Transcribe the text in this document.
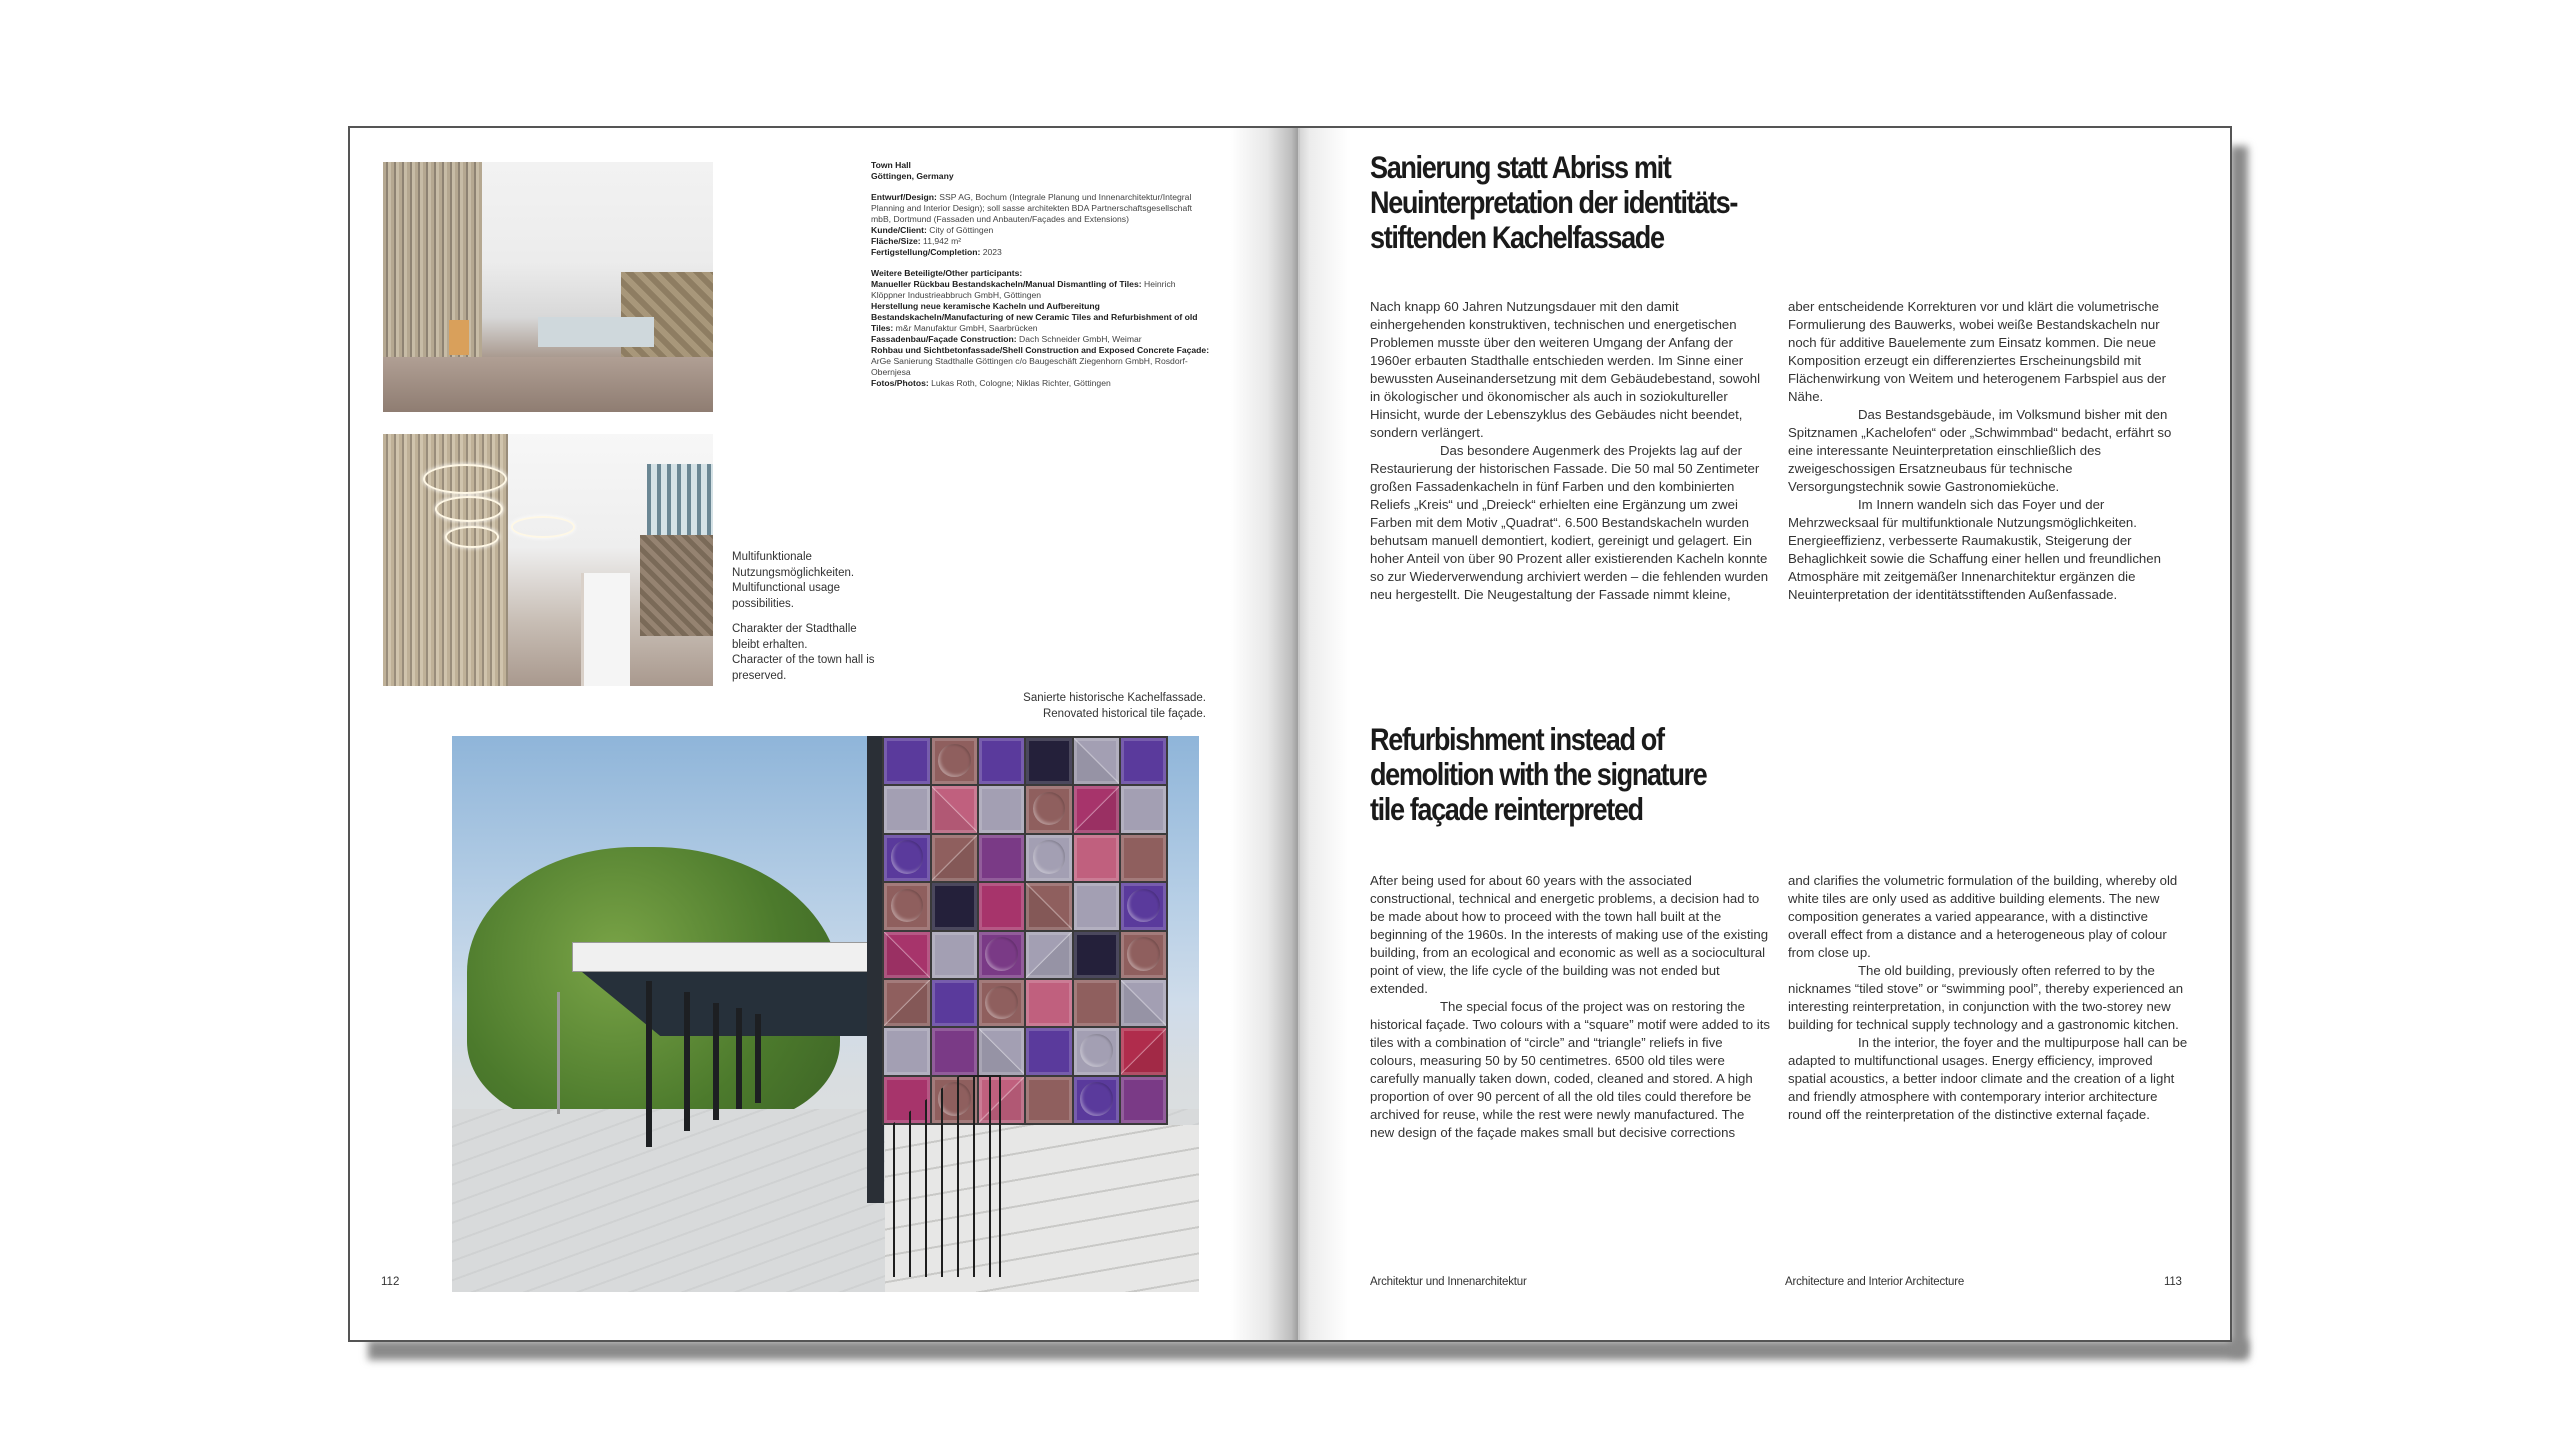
Town Hall

Göttingen, Germany

Entwurf/Design: SSP AG, Bochum (Integrale Planung und Innenarchitektur/Integral Planning and Interior Design); soll sasse architekten BDA Partnerschaftsgesellschaft mbB, Dortmund (Fassaden und Anbauten/Façades and Extensions)

Kunde/Client: City of Göttingen

Fläche/Size: 11,942 m²

Fertigstellung/Completion: 2023

Weitere Beteiligte/Other participants:

Manueller Rückbau Bestandskacheln/Manual Dismantling of Tiles: Heinrich Klöppner Industrieabbruch GmbH, Göttingen

Herstellung neue keramische Kacheln und Aufbereitung Bestandskacheln/Manufacturing of new Ceramic Tiles and Refurbishment of old Tiles: m&r Manufaktur GmbH, Saarbrücken

Fassadenbau/Façade Construction: Dach Schneider GmbH, Weimar

Rohbau und Sichtbetonfassade/Shell Construction and Exposed Concrete Façade: ArGe Sanierung Stadthalle Göttingen c/o Baugeschäft Ziegenhorn GmbH, Rosdorf-Obernjesa

Fotos/Photos: Lukas Roth, Cologne; Niklas Richter, Göttingen

Multifunktionale

Nutzungsmöglichkeiten.

Multifunctional usage

possibilities.

Charakter der Stadthalle

bleibt erhalten.

Character of the town hall is

preserved.

Sanierte historische Kachelfassade.

Renovated historical tile façade.

112
Sanierung statt Abriss mit
Neuinterpretation der identitäts-
stiftenden Kachelfassade

Nach knapp 60 Jahren Nutzungsdauer mit den damit einhergehenden konstruktiven, technischen und energetischen Problemen musste über den weiteren Umgang der Anfang der 1960er erbauten Stadthalle entschieden werden. Im Sinne einer bewussten Auseinandersetzung mit dem Gebäudebestand, sowohl in ökologischer und ökonomischer als auch in soziokultureller Hinsicht, wurde der Lebenszyklus des Gebäudes nicht beendet, sondern verlängert.

Das besondere Augenmerk des Projekts lag auf der Restaurierung der historischen Fassade. Die 50 mal 50 Zentimeter großen Fassadenkacheln in fünf Farben und den kombinierten Reliefs „Kreis“ und „Dreieck“ erhielten eine Ergänzung um zwei Farben mit dem Motiv „Quadrat“. 6.500 Bestandskacheln wurden behutsam manuell demontiert, kodiert, gereinigt und gelagert. Ein hoher Anteil von über 90 Prozent aller existierenden Kacheln konnte so zur Wiederverwendung archiviert werden – die fehlenden wurden neu hergestellt. Die Neugestaltung der Fassade nimmt kleine,

aber entscheidende Korrekturen vor und klärt die volumetrische Formulierung des Bauwerks, wobei weiße Bestandskacheln nur noch für additive Bauelemente zum Einsatz kommen. Die neue Komposition erzeugt ein differenziertes Erscheinungsbild mit Flächenwirkung von Weitem und heterogenem Farbspiel aus der Nähe.

Das Bestandsgebäude, im Volksmund bisher mit den Spitznamen „Kachelofen“ oder „Schwimmbad“ bedacht, erfährt so eine interessante Neuinterpretation einschließlich des zweigeschossigen Ersatzneubaus für technische Versorgungstechnik sowie Gastronomieküche.

Im Innern wandeln sich das Foyer und der Mehrzwecksaal für multifunktionale Nutzungsmöglichkeiten. Energieeffizienz, verbesserte Raumakustik, Steigerung der Behaglichkeit sowie die Schaffung einer hellen und freundlichen Atmosphäre mit zeitgemäßer Innenarchitektur ergänzen die Neuinterpretation der identitätsstiftenden Außenfassade.

Refurbishment instead of
demolition with the signature
tile façade reinterpreted

After being used for about 60 years with the associated constructional, technical and energetic problems, a decision had to be made about how to proceed with the town hall built at the beginning of the 1960s. In the interests of making use of the existing building, from an ecological and economic as well as a sociocultural point of view, the life cycle of the building was not ended but extended.

The special focus of the project was on restoring the historical façade. Two colours with a “square” motif were added to its tiles with a combination of “circle” and “triangle” reliefs in five colours, measuring 50 by 50 centimetres. 6500 old tiles were carefully manually taken down, coded, cleaned and stored. A high proportion of over 90 percent of all the old tiles could therefore be archived for reuse, while the rest were newly manufactured. The new design of the façade makes small but decisive corrections

and clarifies the volumetric formulation of the building, whereby old white tiles are only used as additive building elements. The new composition generates a varied appearance, with a distinctive overall effect from a distance and a heterogeneous play of colour from close up.

The old building, previously often referred to by the nicknames “tiled stove” or “swimming pool”, thereby experienced an interesting reinterpretation, in conjunction with the two-storey new building for technical supply technology and a gastronomic kitchen.

In the interior, the foyer and the multipurpose hall can be adapted to multifunctional usages. Energy efficiency, improved spatial acoustics, a better indoor climate and the creation of a light and friendly atmosphere with contemporary interior architecture round off the reinterpretation of the distinctive external façade.

Architektur und Innenarchitektur	Architecture and Interior Architecture	113
